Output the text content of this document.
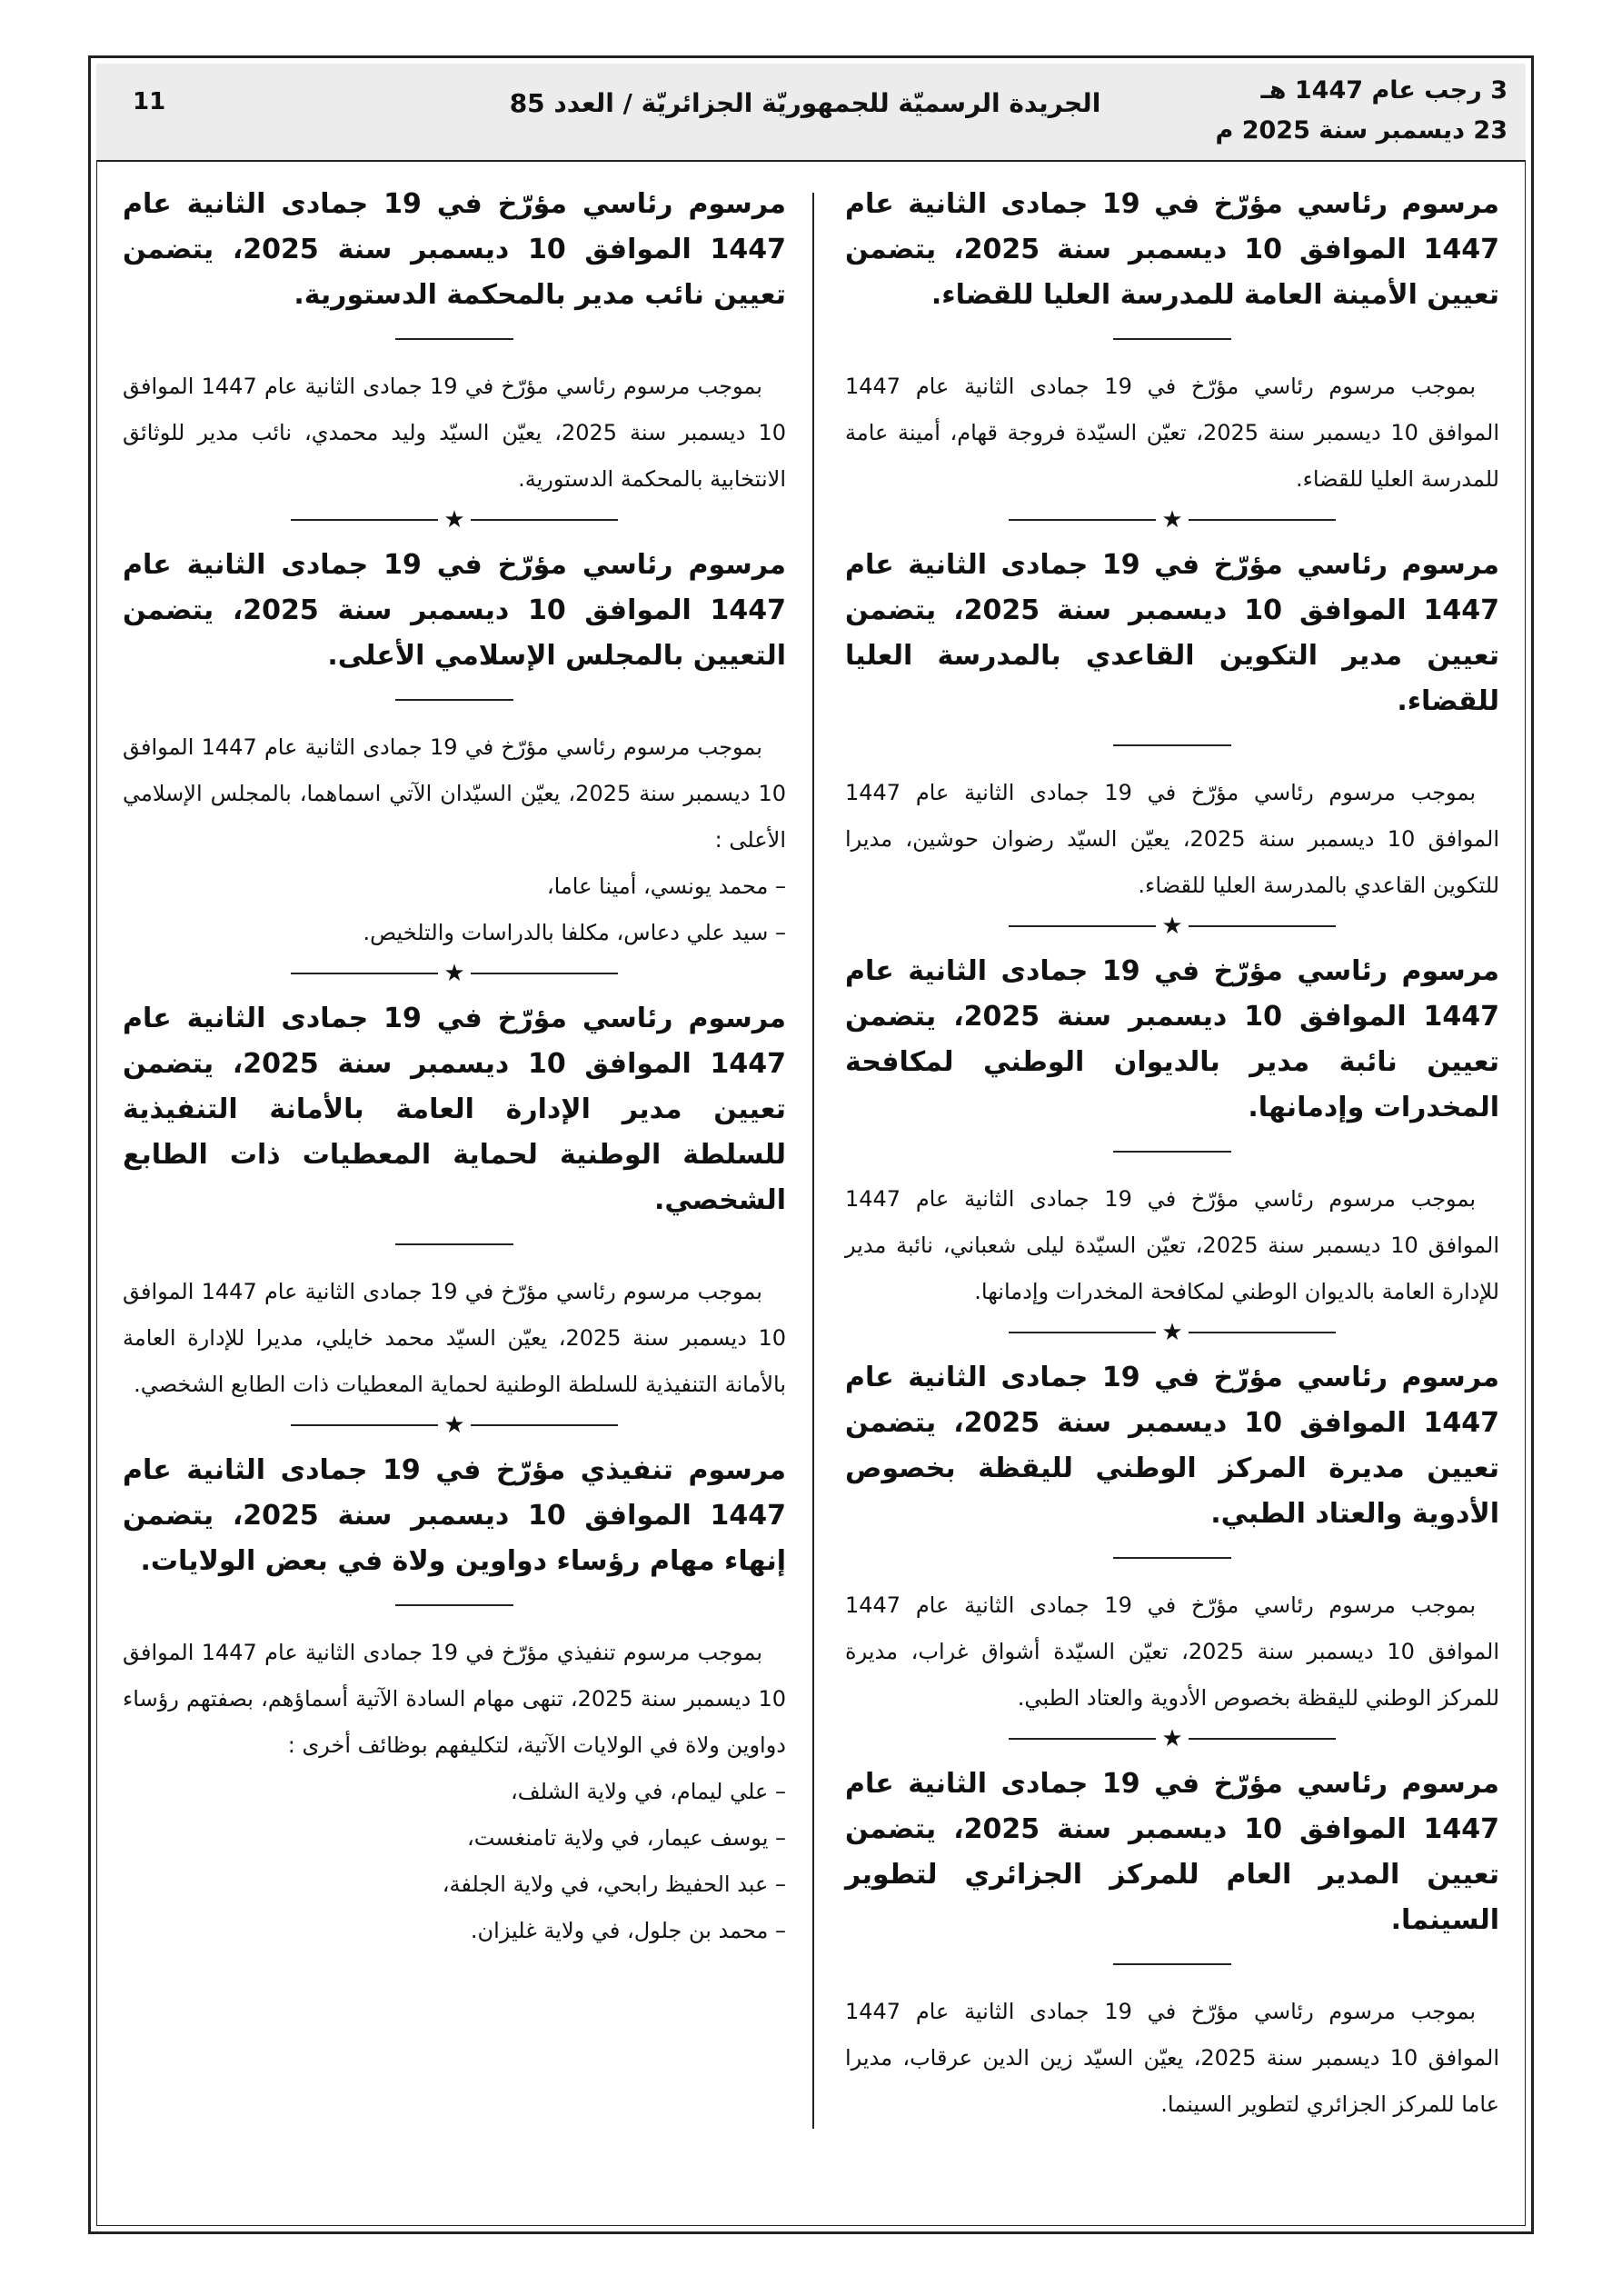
3 رجب عام 1447 هـ
23 ديسمبر سنة 2025 م
الجريدة الرسميّة للجمهوريّة الجزائريّة / العدد 85
11

مرسوم رئاسي مؤرّخ في 19 جمادى الثانية عام 1447 الموافق 10 ديسمبر سنة 2025، يتضمن تعيين الأمينة العامة للمدرسة العليا للقضاء.

بموجب مرسوم رئاسي مؤرّخ في 19 جمادى الثانية عام 1447 الموافق 10 ديسمبر سنة 2025، تعيّن السيّدة فروجة قهام، أمينة عامة للمدرسة العليا للقضاء.

★

مرسوم رئاسي مؤرّخ في 19 جمادى الثانية عام 1447 الموافق 10 ديسمبر سنة 2025، يتضمن تعيين مدير التكوين القاعدي بالمدرسة العليا للقضاء.

بموجب مرسوم رئاسي مؤرّخ في 19 جمادى الثانية عام 1447 الموافق 10 ديسمبر سنة 2025، يعيّن السيّد رضوان حوشين، مديرا للتكوين القاعدي بالمدرسة العليا للقضاء.

★

مرسوم رئاسي مؤرّخ في 19 جمادى الثانية عام 1447 الموافق 10 ديسمبر سنة 2025، يتضمن تعيين نائبة مدير بالديوان الوطني لمكافحة المخدرات وإدمانها.

بموجب مرسوم رئاسي مؤرّخ في 19 جمادى الثانية عام 1447 الموافق 10 ديسمبر سنة 2025، تعيّن السيّدة ليلى شعباني، نائبة مدير للإدارة العامة بالديوان الوطني لمكافحة المخدرات وإدمانها.

★

مرسوم رئاسي مؤرّخ في 19 جمادى الثانية عام 1447 الموافق 10 ديسمبر سنة 2025، يتضمن تعيين مديرة المركز الوطني لليقظة بخصوص الأدوية والعتاد الطبي.

بموجب مرسوم رئاسي مؤرّخ في 19 جمادى الثانية عام 1447 الموافق 10 ديسمبر سنة 2025، تعيّن السيّدة أشواق غراب، مديرة للمركز الوطني لليقظة بخصوص الأدوية والعتاد الطبي.

★

مرسوم رئاسي مؤرّخ في 19 جمادى الثانية عام 1447 الموافق 10 ديسمبر سنة 2025، يتضمن تعيين المدير العام للمركز الجزائري لتطوير السينما.

بموجب مرسوم رئاسي مؤرّخ في 19 جمادى الثانية عام 1447 الموافق 10 ديسمبر سنة 2025، يعيّن السيّد زين الدين عرقاب، مديرا عاما للمركز الجزائري لتطوير السينما.

مرسوم رئاسي مؤرّخ في 19 جمادى الثانية عام 1447 الموافق 10 ديسمبر سنة 2025، يتضمن تعيين نائب مدير بالمحكمة الدستورية.

بموجب مرسوم رئاسي مؤرّخ في 19 جمادى الثانية عام 1447 الموافق 10 ديسمبر سنة 2025، يعيّن السيّد وليد محمدي، نائب مدير للوثائق الانتخابية بالمحكمة الدستورية.

★

مرسوم رئاسي مؤرّخ في 19 جمادى الثانية عام 1447 الموافق 10 ديسمبر سنة 2025، يتضمن التعيين بالمجلس الإسلامي الأعلى.

بموجب مرسوم رئاسي مؤرّخ في 19 جمادى الثانية عام 1447 الموافق 10 ديسمبر سنة 2025، يعيّن السيّدان الآتي اسماهما، بالمجلس الإسلامي الأعلى :

– محمد يونسي، أمينا عاما،
– سيد علي دعاس، مكلفا بالدراسات والتلخيص.
★

مرسوم رئاسي مؤرّخ في 19 جمادى الثانية عام 1447 الموافق 10 ديسمبر سنة 2025، يتضمن تعيين مدير الإدارة العامة بالأمانة التنفيذية للسلطة الوطنية لحماية المعطيات ذات الطابع الشخصي.

بموجب مرسوم رئاسي مؤرّخ في 19 جمادى الثانية عام 1447 الموافق 10 ديسمبر سنة 2025، يعيّن السيّد محمد خايلي، مديرا للإدارة العامة بالأمانة التنفيذية للسلطة الوطنية لحماية المعطيات ذات الطابع الشخصي.

★

مرسوم تنفيذي مؤرّخ في 19 جمادى الثانية عام 1447 الموافق 10 ديسمبر سنة 2025، يتضمن إنهاء مهام رؤساء دواوين ولاة في بعض الولايات.

بموجب مرسوم تنفيذي مؤرّخ في 19 جمادى الثانية عام 1447 الموافق 10 ديسمبر سنة 2025، تنهى مهام السادة الآتية أسماؤهم، بصفتهم رؤساء دواوين ولاة في الولايات الآتية، لتكليفهم بوظائف أخرى :

– علي ليمام، في ولاية الشلف،
– يوسف عيمار، في ولاية تامنغست،
– عبد الحفيظ رابحي، في ولاية الجلفة،
– محمد بن جلول، في ولاية غليزان.
